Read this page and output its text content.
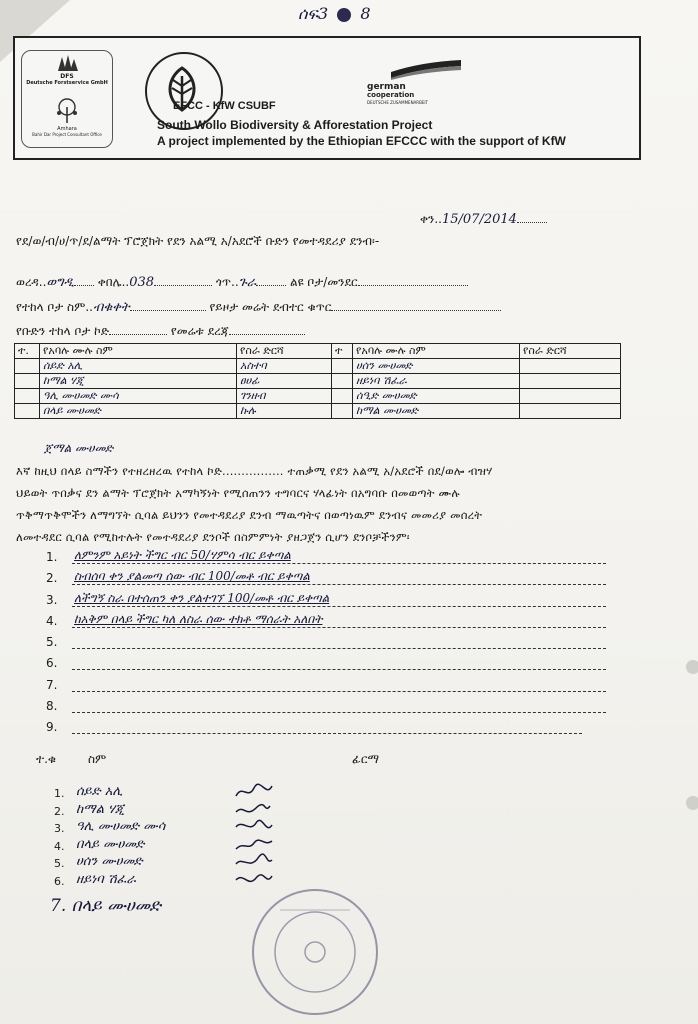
ሰፍ3 8
DFS
Deutsche Forstservice GmbH
Amhara
Bahir Dar Project Consultant Office
german
cooperation
DEUTSCHE ZUSAMMENARBEIT
EFCC - KfW CSUBF
South Wollo Biodiversity & Afforestation Project
A project implemented by the Ethiopian EFCCC with the support of KfW
ቀን..15/07/2014
የደ/ወ/ብ/ሀ/ጥ/ደ/ልማት ፕሮጀክት የደን አልሚ አ/አደሮች ቡድን የመተዳደሪያ ደንብ፡-
ወረዳ..ወግዲ ቀበሌ..038	ጎጥ..ጉራ	ልዩ ቦታ/መንደር
የተከላ ቦታ ስም..ብቁቀት	የይዞታ መሬት ደብተር ቁጥር
የቡድን ተከላ ቦታ ኮድ	የመሬቱ ደረጃ
ተ.	የአባሉ ሙሉ ስም	የስራ ድርሻ	ተ	የአባሉ ሙሉ ስም	የስራ ድርሻ
	ሰይድ አሊ	አስተባ		ሀሰን ሙሀመድ	
	ከማል ሃጂ	ፀሀፊ		ዘይነባ ሽፈራ	
	ዓሊ ሙሀመድ ሙሳ	ገንዘብ		ሰዒድ ሙሀመድ	
	በላይ ሙሀመድ	ኩሉ		ከማል ሙሀመድ	
ጀማል ሙሀመድ
እኛ ከዚህ በላይ ስማችን የተዘረዘረዉ የተከላ ኮድ................ ተጠቃሚ የደን አልሚ አ/አደሮች በደ/ወሎ ብዝሃ
ህይወት ጥበቃና ደን ልማት ፕሮጀክት አማካኝነት የሚሰጠንን ተግባርና ሃላፊነት በአግባቡ በመወጣት ሙሉ
ጥቅማጥቅሞችን ለማግኘት ሲባል ይህንን የመተዳደሪያ ደንብ ማዉጣትና በወጣነዉም ደንብና መመሪያ መሰረት
ለመተዳደር ሲባል የሚከተሉት የመተዳደሪያ ደንቦች በስምምነት ያዘጋጀን ሲሆን ደንቦቻችንም፡
1. ለምንም አይነት ችግር ብር 50/ሃምሳ ብር ይቀጣል
2. ስብሰባ ቀን ያልመጣ ሰው ብር 100/መቶ ብር ይቀጣል
3. ለችግኝ ስራ በተሰጠን ቀን ያልተገኘ 100/መቶ ብር ይቀጣል
4. ከአቅም በላይ ችግር ካለ ለስራ ሰው ተክቶ ማሰራት አለበት
5.
6.
7.
8.
9.
ተ.ቁ	ስም	ፊርማ
1. ሰይድ አሊ
2. ከማል ሃጂ
3. ዓሊ ሙሀመድ ሙሳ
4. በላይ ሙሀመድ
5. ሀሰን ሙሀመድ
6. ዘይነባ ሽፈራ
7. በላይ ሙሀመድ
